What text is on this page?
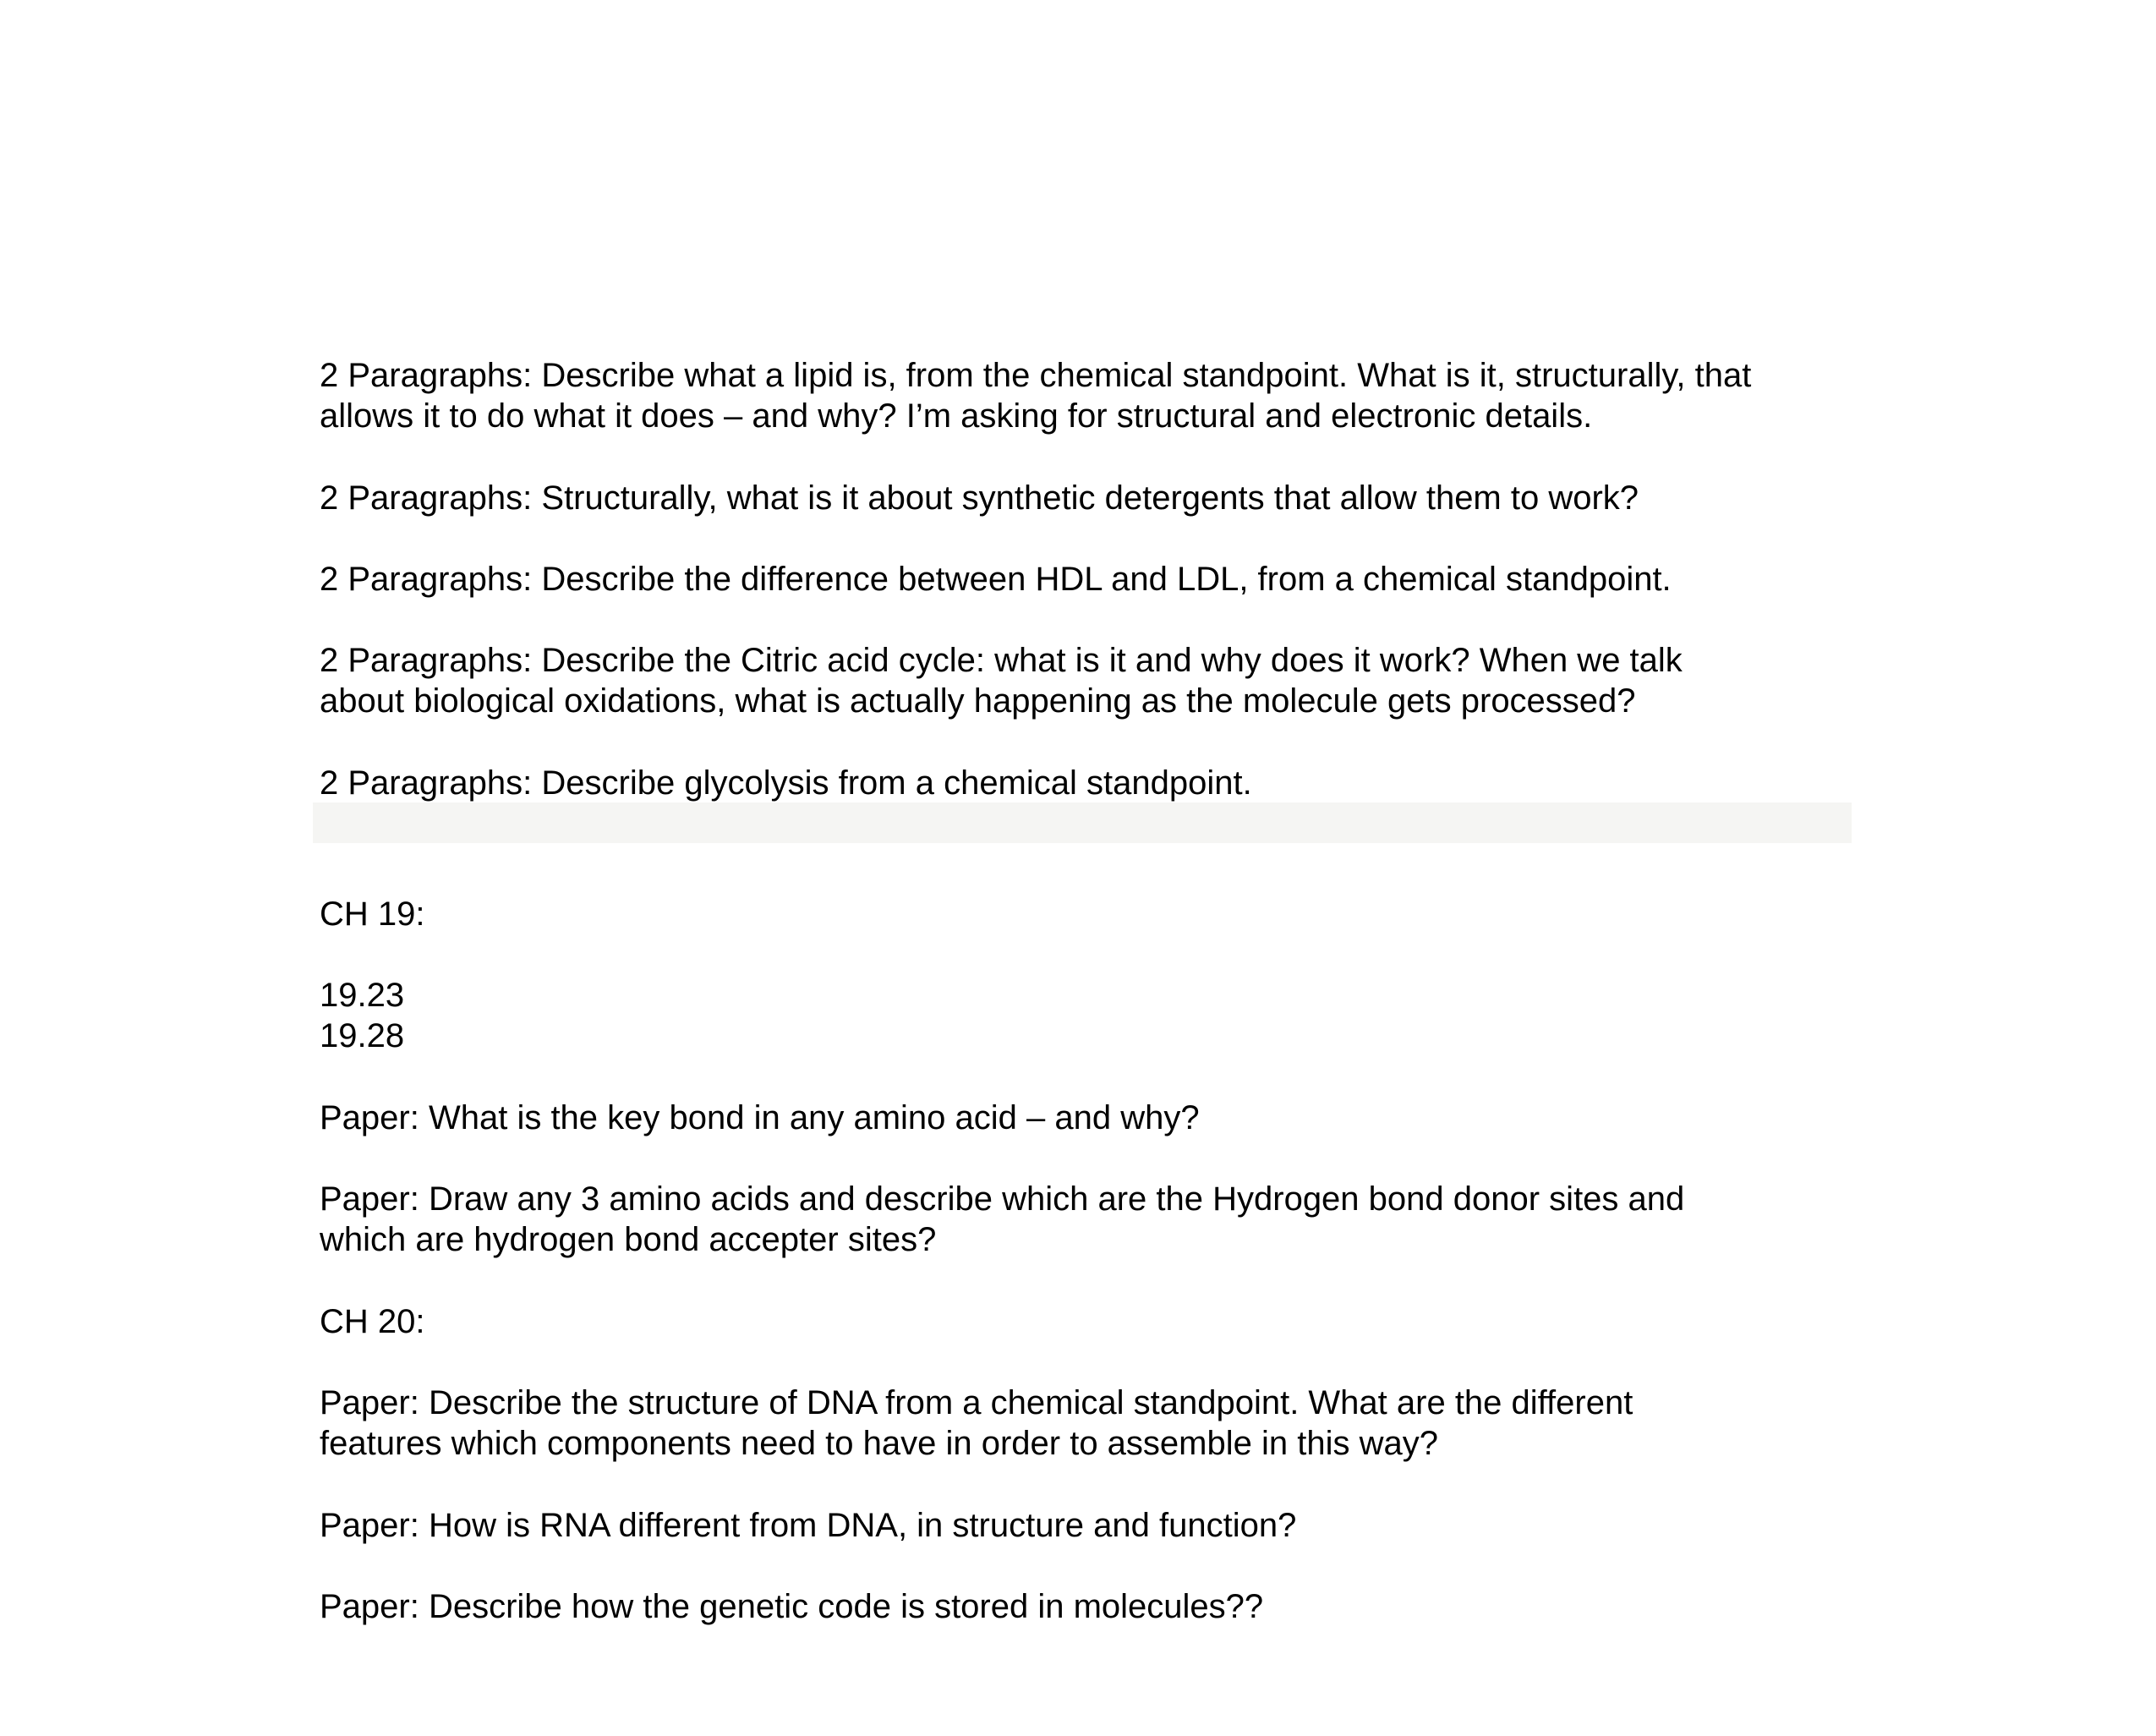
2 Paragraphs: Describe what a lipid is, from the chemical standpoint. What is it, structurally, that
allows it to do what it does – and why? I’m asking for structural and electronic details.
2 Paragraphs: Structurally, what is it about synthetic detergents that allow them to work?
2 Paragraphs: Describe the difference between HDL and LDL, from a chemical standpoint.
2 Paragraphs: Describe the Citric acid cycle: what is it and why does it work? When we talk
about biological oxidations, what is actually happening as the molecule gets processed?
2 Paragraphs: Describe glycolysis from a chemical standpoint.
CH 19:
19.23
19.28
Paper: What is the key bond in any amino acid – and why?
Paper: Draw any 3 amino acids and describe which are the Hydrogen bond donor sites and
which are hydrogen bond accepter sites?
CH 20:
Paper: Describe the structure of DNA from a chemical standpoint. What are the different
features which components need to have in order to assemble in this way?
Paper: How is RNA different from DNA, in structure and function?
Paper: Describe how the genetic code is stored in molecules??
